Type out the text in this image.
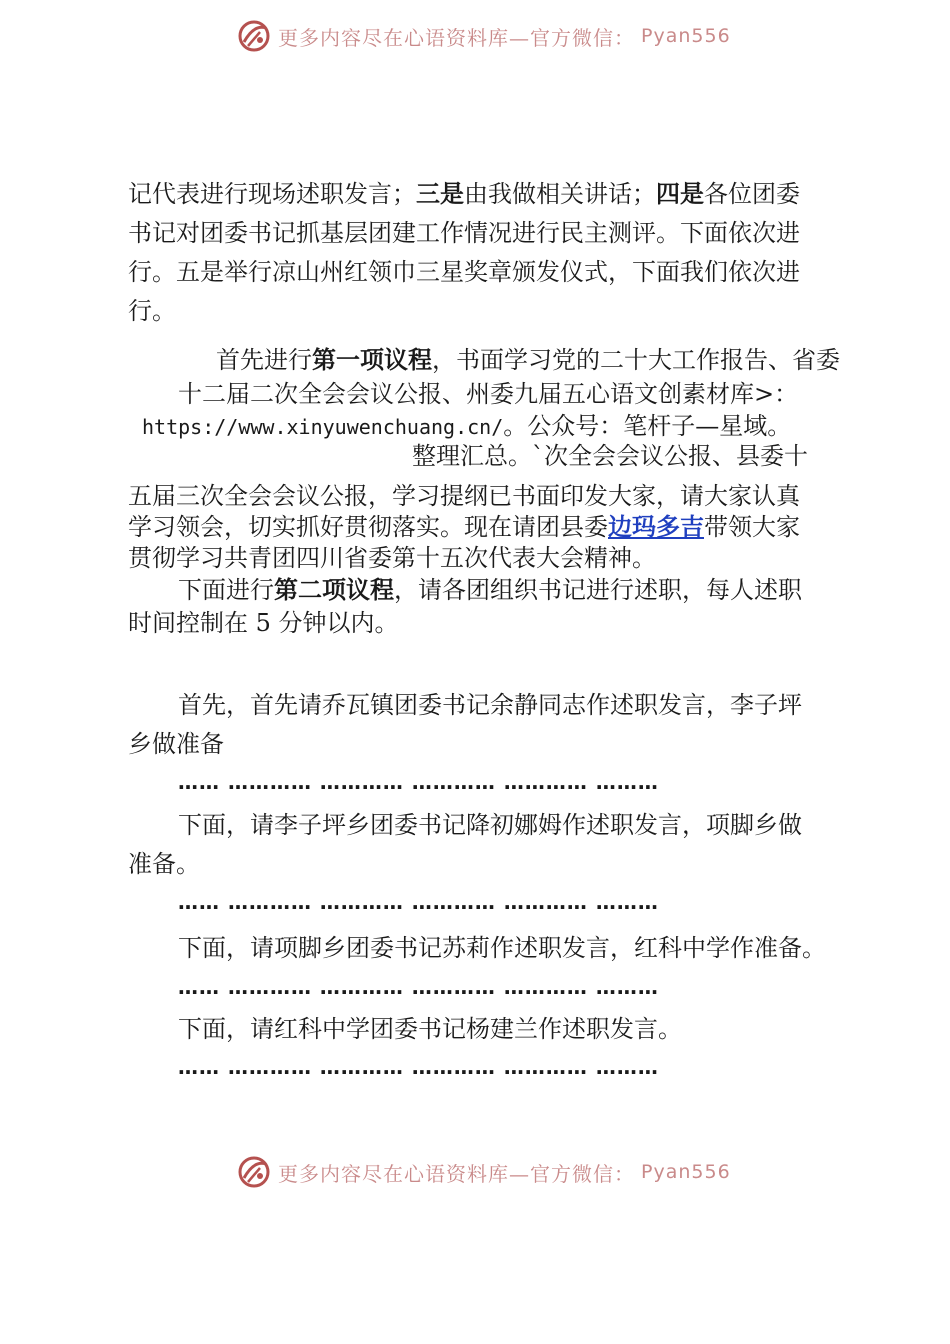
更多内容尽在心语资料库—官方微信： Pyan556
记代表进行现场述职发言；三是由我做相关讲话；四是各位团委
书记对团委书记抓基层团建工作情况进行民主测评。下面依次进
行。五是举行凉山州红领巾三星奖章颁发仪式，下面我们依次进
行。
首先进行第一项议程，书面学习党的二十大工作报告、省委
十二届二次全会会议公报、州委九届五心语文创素材库>：
https://www.xinyuwenchuang.cn/。公众号：笔杆子—星域。
整理汇总。`次全会会议公报、县委十
五届三次全会会议公报，学习提纲已书面印发大家，请大家认真
学习领会，切实抓好贯彻落实。现在请团县委边玛多吉带领大家
贯彻学习共青团四川省委第十五次代表大会精神。
下面进行第二项议程，请各团组织书记进行述职，每人述职
时间控制在 5 分钟以内。
首先，首先请乔瓦镇团委书记余静同志作述职发言，李子坪
乡做准备
下面，请李子坪乡团委书记降初娜姆作述职发言，项脚乡做
准备。
下面，请项脚乡团委书记苏莉作述职发言，红科中学作准备。
下面，请红科中学团委书记杨建兰作述职发言。
…… ………… ………… ………… ………… ………
…… ………… ………… ………… ………… ………
…… ………… ………… ………… ………… ………
…… ………… ………… ………… ………… ………
更多内容尽在心语资料库—官方微信： Pyan556
